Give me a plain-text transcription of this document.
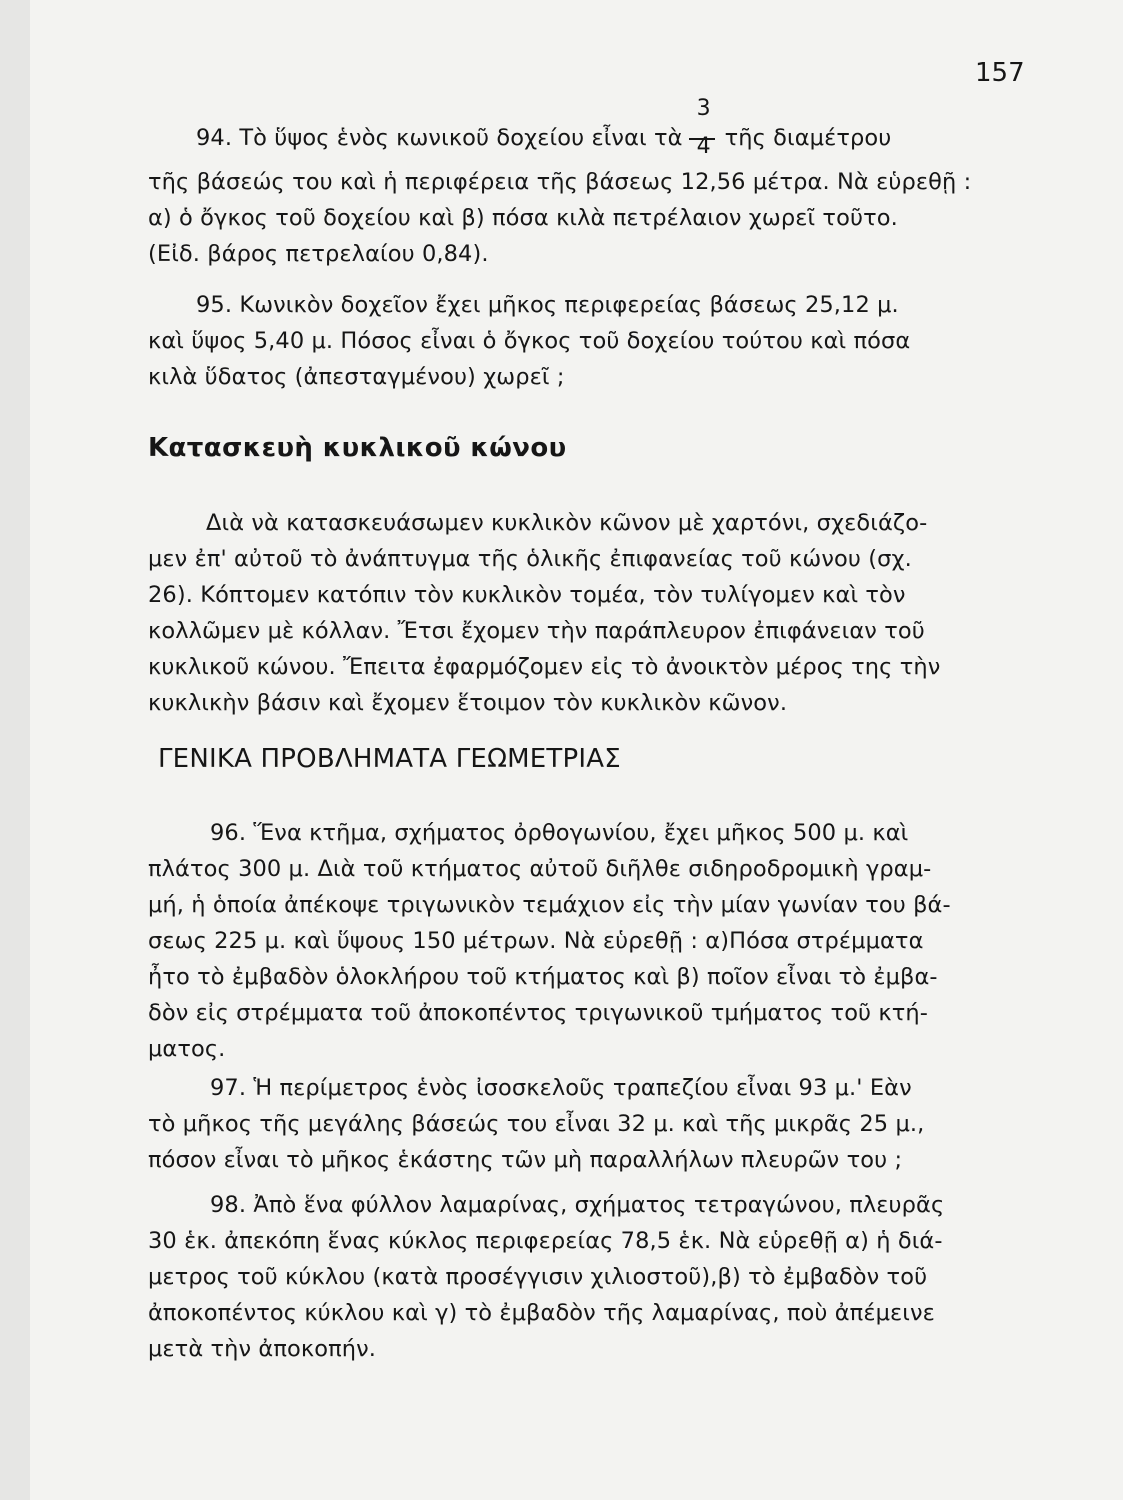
157
94. Τὸ ὕψος ἑνὸς κωνικοῦ δοχείου εἶναι τὰ $\frac{3}{4}$ τῆς διαμέτρου
τῆς βάσεώς του καὶ ἡ περιφέρεια τῆς βάσεως 12,56 μέτρα. Νὰ εὑρεθῇ :
α) ὁ ὄγκος τοῦ δοχείου καὶ β) πόσα κιλὰ πετρέλαιον χωρεῖ τοῦτο.
(Εἰδ. βάρος πετρελαίου 0,84).
95. Κωνικὸν δοχεῖον ἔχει μῆκος περιφερείας βάσεως 25,12 μ.
καὶ ὕψος 5,40 μ. Πόσος εἶναι ὁ ὄγκος τοῦ δοχείου τούτου καὶ πόσα
κιλὰ ὕδατος (ἀπεσταγμένου) χωρεῖ ;
Κατασκευὴ κυκλικοῦ κώνου
Διὰ νὰ κατασκευάσωμεν κυκλικὸν κῶνον μὲ χαρτόνι, σχεδιάζο-
μεν ἐπ' αὐτοῦ τὸ ἀνάπτυγμα τῆς ὁλικῆς ἐπιφανείας τοῦ κώνου (σχ.
26). Κόπτομεν κατόπιν τὸν κυκλικὸν τομέα, τὸν τυλίγομεν καὶ τὸν
κολλῶμεν μὲ κόλλαν. Ἔτσι ἔχομεν τὴν παράπλευρον ἐπιφάνειαν τοῦ
κυκλικοῦ κώνου. Ἔπειτα ἐφαρμόζομεν εἰς τὸ ἀνοικτὸν μέρος της τὴν
κυκλικὴν βάσιν καὶ ἔχομεν ἕτοιμον τὸν κυκλικὸν κῶνον.
ΓΕΝΙΚΑ ΠΡΟΒΛΗΜΑΤΑ ΓΕΩΜΕΤΡΙΑΣ
96. Ἕνα κτῆμα, σχήματος ὀρθογωνίου, ἔχει μῆκος 500 μ. καὶ
πλάτος 300 μ. Διὰ τοῦ κτήματος αὐτοῦ διῆλθε σιδηροδρομικὴ γραμ-
μή, ἡ ὁποία ἀπέκοψε τριγωνικὸν τεμάχιον εἰς τὴν μίαν γωνίαν του βά-
σεως 225 μ. καὶ ὕψους 150 μέτρων. Νὰ εὑρεθῇ : α)Πόσα στρέμματα
ἦτο τὸ ἐμβαδὸν ὁλοκλήρου τοῦ κτήματος καὶ β) ποῖον εἶναι τὸ ἐμβα-
δὸν εἰς στρέμματα τοῦ ἀποκοπέντος τριγωνικοῦ τμήματος τοῦ κτή-
ματος.
97. Ἡ περίμετρος ἑνὸς ἰσοσκελοῦς τραπεζίου εἶναι 93 μ.' Εὰν
τὸ μῆκος τῆς μεγάλης βάσεώς του εἶναι 32 μ. καὶ τῆς μικρᾶς 25 μ.,
πόσον εἶναι τὸ μῆκος ἑκάστης τῶν μὴ παραλλήλων πλευρῶν του ;
98. Ἀπὸ ἕνα φύλλον λαμαρίνας, σχήματος τετραγώνου, πλευρᾶς
30 ἑκ. ἀπεκόπη ἕνας κύκλος περιφερείας 78,5 ἑκ. Νὰ εὑρεθῇ α) ἡ διά-
μετρος τοῦ κύκλου (κατὰ προσέγγισιν χιλιοστοῦ),β) τὸ ἐμβαδὸν τοῦ
ἀποκοπέντος κύκλου καὶ γ) τὸ ἐμβαδὸν τῆς λαμαρίνας, ποὺ ἀπέμεινε
μετὰ τὴν ἀποκοπήν.
